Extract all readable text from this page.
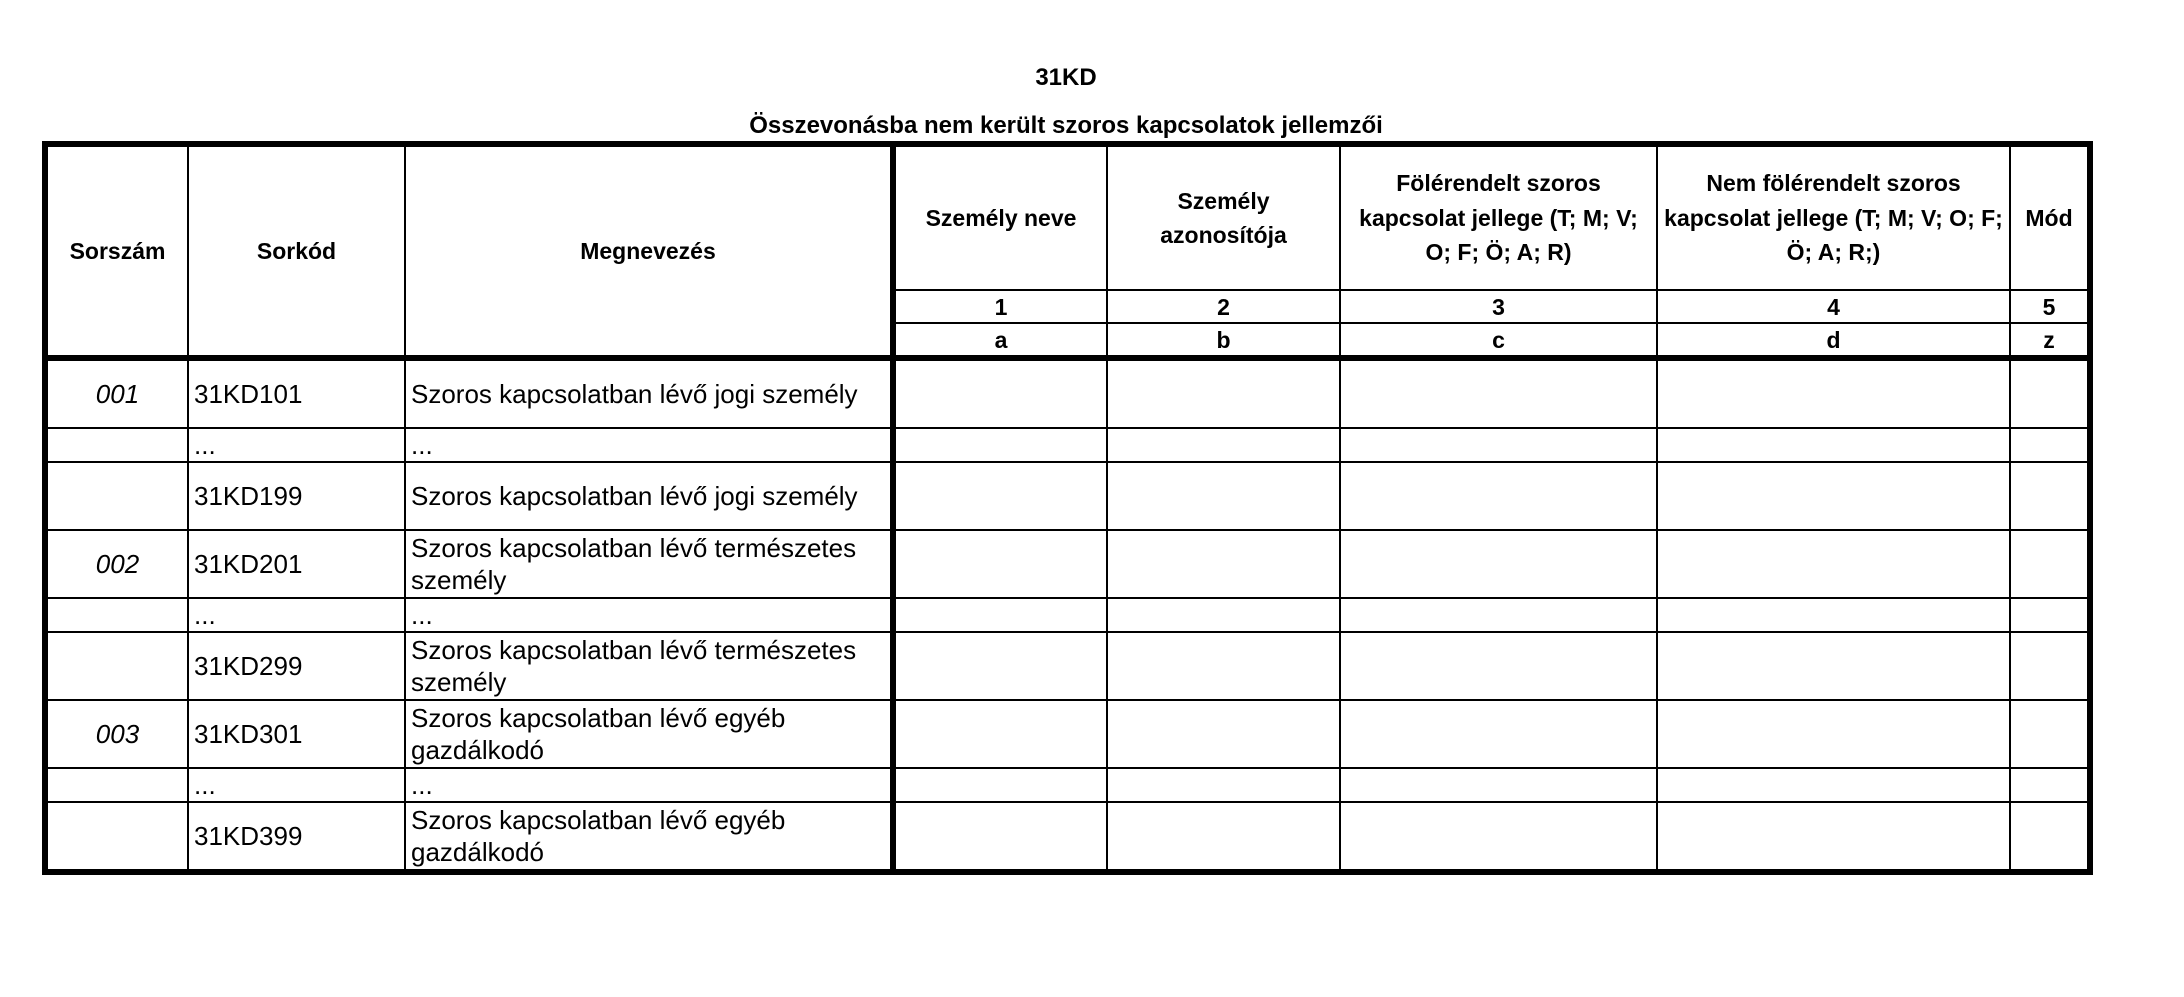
31KD
Összevonásba nem került szoros kapcsolatok jellemzői
Sorszám	Sorkód	Megnevezés	Személy neve	Személy azonosítója	Fölérendelt szoros kapcsolat jellege (T; M; V; O; F; Ö; A; R)	Nem fölérendelt szoros kapcsolat jellege (T; M; V; O; F; Ö; A; R;)	Mód
			1	2	3	4	5
			a	b	c	d	z
001	31KD101	Szoros kapcsolatban lévő jogi személy					
	...	...					
	31KD199	Szoros kapcsolatban lévő jogi személy					
002	31KD201	Szoros kapcsolatban lévő természetes személy					
	...	...					
	31KD299	Szoros kapcsolatban lévő természetes személy					
003	31KD301	Szoros kapcsolatban lévő egyéb gazdálkodó					
	...	...					
	31KD399	Szoros kapcsolatban lévő egyéb gazdálkodó					
